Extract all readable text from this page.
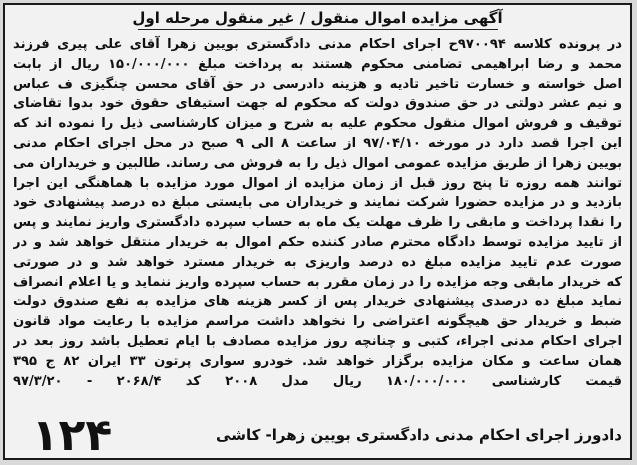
آگهی مزایده اموال منقول / غیر منقول مرحله اول
در پرونده کلاسه ۹۷۰۰۹۴ح اجرای احکام مدنی دادگستری بویین زهرا آقای علی پیری فرزند
محمد و رضا ابراهیمی تضامنی محکوم هستند به پرداخت مبلغ ۱۵۰/۰۰۰/۰۰۰ ریال از بابت
اصل خواسته و خسارت تاخیر تادیه و هزینه دادرسی در حق آقای محسن چنگیزی ف عباس
و نیم عشر دولتی در حق صندوق دولت که محکوم له جهت استیفای حقوق خود بدوا تقاضای
توقیف و فروش اموال منقول محکوم علیه به شرح و میزان کارشناسی ذیل را نموده اند که
این اجرا قصد دارد در مورخه ۹۷/۰۴/۱۰ از ساعت ۸ الی ۹ صبح در محل اجرای احکام مدنی
بویین زهرا از طریق مزایده عمومی اموال ذیل را به فروش می رساند. طالبین و خریداران می
توانند همه روزه تا پنج روز قبل از زمان مزایده از اموال مورد مزایده با هماهنگی این اجرا
بازدید و در مزایده حضورا شرکت نمایند و خریداران می بایستی مبلغ ده درصد پیشنهادی خود
را نقدا پرداخت و مابقی را ظرف مهلت یک ماه به حساب سپرده دادگستری واریز نمایند و پس
از تایید مزایده توسط دادگاه محترم صادر کننده حکم اموال به خریدار منتقل خواهد شد و در
صورت عدم تایید مزایده مبلغ ده درصد واریزی به خریدار مسترد خواهد شد و در صورتی
که خریدار مابقی وجه مزایده را در زمان مقرر به حساب سپرده واریز ننماید و یا اعلام انصراف
نماید مبلغ ده درصدی پیشنهادی خریدار پس از کسر هزینه های مزایده به نفع صندوق دولت
ضبط و خریدار حق هیچگونه اعتراضی را نخواهد داشت مراسم مزایده با رعایت مواد قانون
اجرای احکام مدنی اجراء، کتبی و چنانچه روز مزایده مصادف با ایام تعطیل باشد روز بعد در
همان ساعت و مکان مزایده برگزار خواهد شد. خودرو سواری پرتون ۳۳ ایران ۸۲ ج ۳۹۵
قیمت کارشناسی ۱۸۰/۰۰۰/۰۰۰ ریال مدل ۲۰۰۸ کد ۲۰۶۸/۴ - ۹۷/۳/۲۰
دادورز اجرای احکام مدنی دادگستری بویین زهرا- کاشی
۱۲۴
